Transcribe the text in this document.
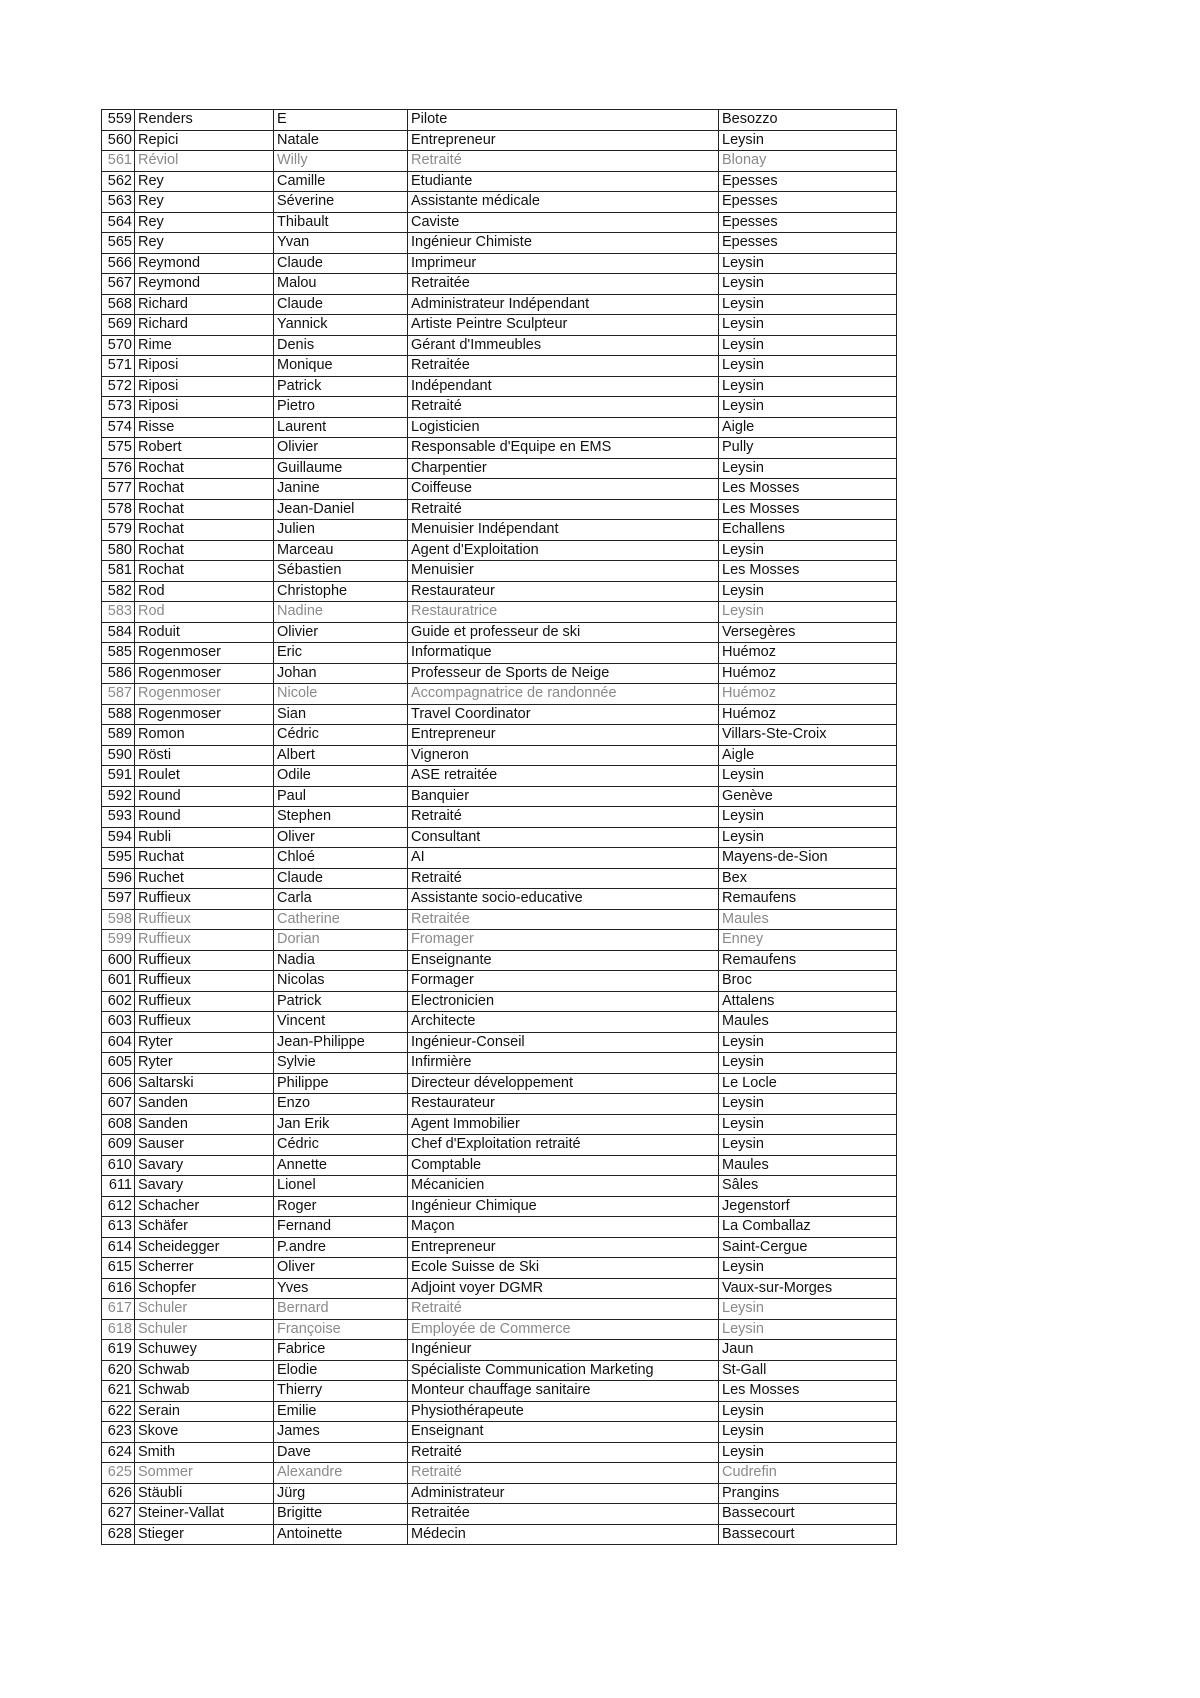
559	Renders	E	Pilote	Besozzo
560	Repici	Natale	Entrepreneur	Leysin
561	Réviol	Willy	Retraité	Blonay
562	Rey	Camille	Etudiante	Epesses
563	Rey	Séverine	Assistante médicale	Epesses
564	Rey	Thibault	Caviste	Epesses
565	Rey	Yvan	Ingénieur Chimiste	Epesses
566	Reymond	Claude	Imprimeur	Leysin
567	Reymond	Malou	Retraitée	Leysin
568	Richard	Claude	Administrateur Indépendant	Leysin
569	Richard	Yannick	Artiste Peintre Sculpteur	Leysin
570	Rime	Denis	Gérant d'Immeubles	Leysin
571	Riposi	Monique	Retraitée	Leysin
572	Riposi	Patrick	Indépendant	Leysin
573	Riposi	Pietro	Retraité	Leysin
574	Risse	Laurent	Logisticien	Aigle
575	Robert	Olivier	Responsable d'Equipe en EMS	Pully
576	Rochat	Guillaume	Charpentier	Leysin
577	Rochat	Janine	Coiffeuse	Les Mosses
578	Rochat	Jean-Daniel	Retraité	Les Mosses
579	Rochat	Julien	Menuisier Indépendant	Echallens
580	Rochat	Marceau	Agent d'Exploitation	Leysin
581	Rochat	Sébastien	Menuisier	Les Mosses
582	Rod	Christophe	Restaurateur	Leysin
583	Rod	Nadine	Restauratrice	Leysin
584	Roduit	Olivier	Guide et professeur de ski	Versegères
585	Rogenmoser	Eric	Informatique	Huémoz
586	Rogenmoser	Johan	Professeur de Sports de Neige	Huémoz
587	Rogenmoser	Nicole	Accompagnatrice de randonnée	Huémoz
588	Rogenmoser	Sian	Travel Coordinator	Huémoz
589	Romon	Cédric	Entrepreneur	Villars-Ste-Croix
590	Rösti	Albert	Vigneron	Aigle
591	Roulet	Odile	ASE retraitée	Leysin
592	Round	Paul	Banquier	Genève
593	Round	Stephen	Retraité	Leysin
594	Rubli	Oliver	Consultant	Leysin
595	Ruchat	Chloé	AI	Mayens-de-Sion
596	Ruchet	Claude	Retraité	Bex
597	Ruffieux	Carla	Assistante socio-educative	Remaufens
598	Ruffieux	Catherine	Retraitée	Maules
599	Ruffieux	Dorian	Fromager	Enney
600	Ruffieux	Nadia	Enseignante	Remaufens
601	Ruffieux	Nicolas	Formager	Broc
602	Ruffieux	Patrick	Electronicien	Attalens
603	Ruffieux	Vincent	Architecte	Maules
604	Ryter	Jean-Philippe	Ingénieur-Conseil	Leysin
605	Ryter	Sylvie	Infirmière	Leysin
606	Saltarski	Philippe	Directeur développement	Le Locle
607	Sanden	Enzo	Restaurateur	Leysin
608	Sanden	Jan Erik	Agent Immobilier	Leysin
609	Sauser	Cédric	Chef d'Exploitation retraité	Leysin
610	Savary	Annette	Comptable	Maules
611	Savary	Lionel	Mécanicien	Sâles
612	Schacher	Roger	Ingénieur Chimique	Jegenstorf
613	Schäfer	Fernand	Maçon	La Comballaz
614	Scheidegger	P.andre	Entrepreneur	Saint-Cergue
615	Scherrer	Oliver	Ecole Suisse de Ski	Leysin
616	Schopfer	Yves	Adjoint voyer DGMR	Vaux-sur-Morges
617	Schuler	Bernard	Retraité	Leysin
618	Schuler	Françoise	Employée de Commerce	Leysin
619	Schuwey	Fabrice	Ingénieur	Jaun
620	Schwab	Elodie	Spécialiste Communication Marketing	St-Gall
621	Schwab	Thierry	Monteur chauffage sanitaire	Les Mosses
622	Serain	Emilie	Physiothérapeute	Leysin
623	Skove	James	Enseignant	Leysin
624	Smith	Dave	Retraité	Leysin
625	Sommer	Alexandre	Retraité	Cudrefin
626	Stäubli	Jürg	Administrateur	Prangins
627	Steiner-Vallat	Brigitte	Retraitée	Bassecourt
628	Stieger	Antoinette	Médecin	Bassecourt
